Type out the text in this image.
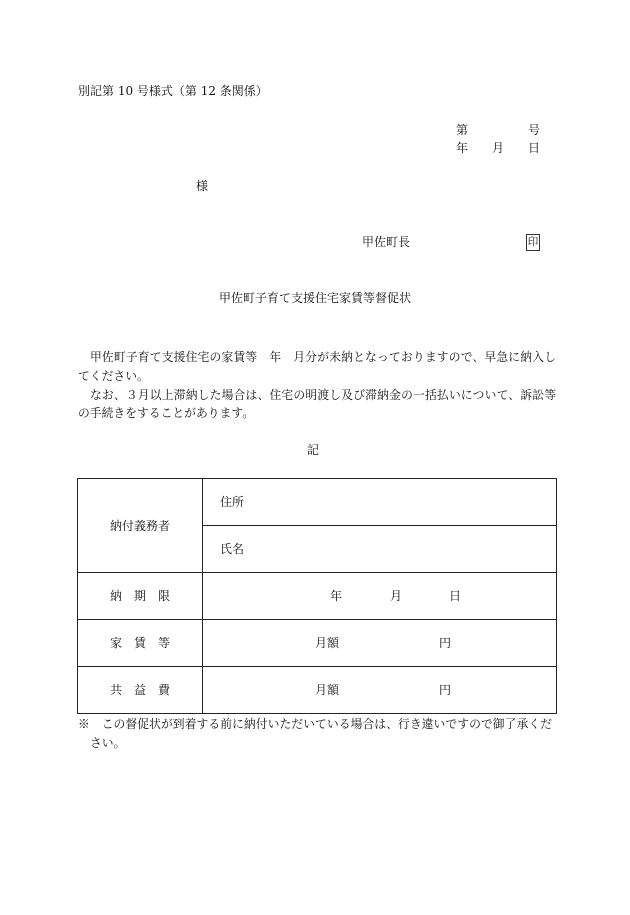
別記第 10 号様式（第 12 条関係）
第	号
年 月 日
様
甲佐町長	印
甲佐町子育て支援住宅家賃等督促状
　甲佐町子育て支援住宅の家賃等　年　月分が未納となっておりますので、早急に納入し
てください。
　なお、３月以上滞納した場合は、住宅の明渡し及び滞納金の一括払いについて、訴訟等
の手続きをすることがあります。
記
納付義務者	住所
	氏名
納　期　限	年 月 日

家　賃　等	月額 円

共　益　費	月額 円
※　この督促状が到着する前に納付いただいている場合は、行き違いですので御了承くだ
さい。
